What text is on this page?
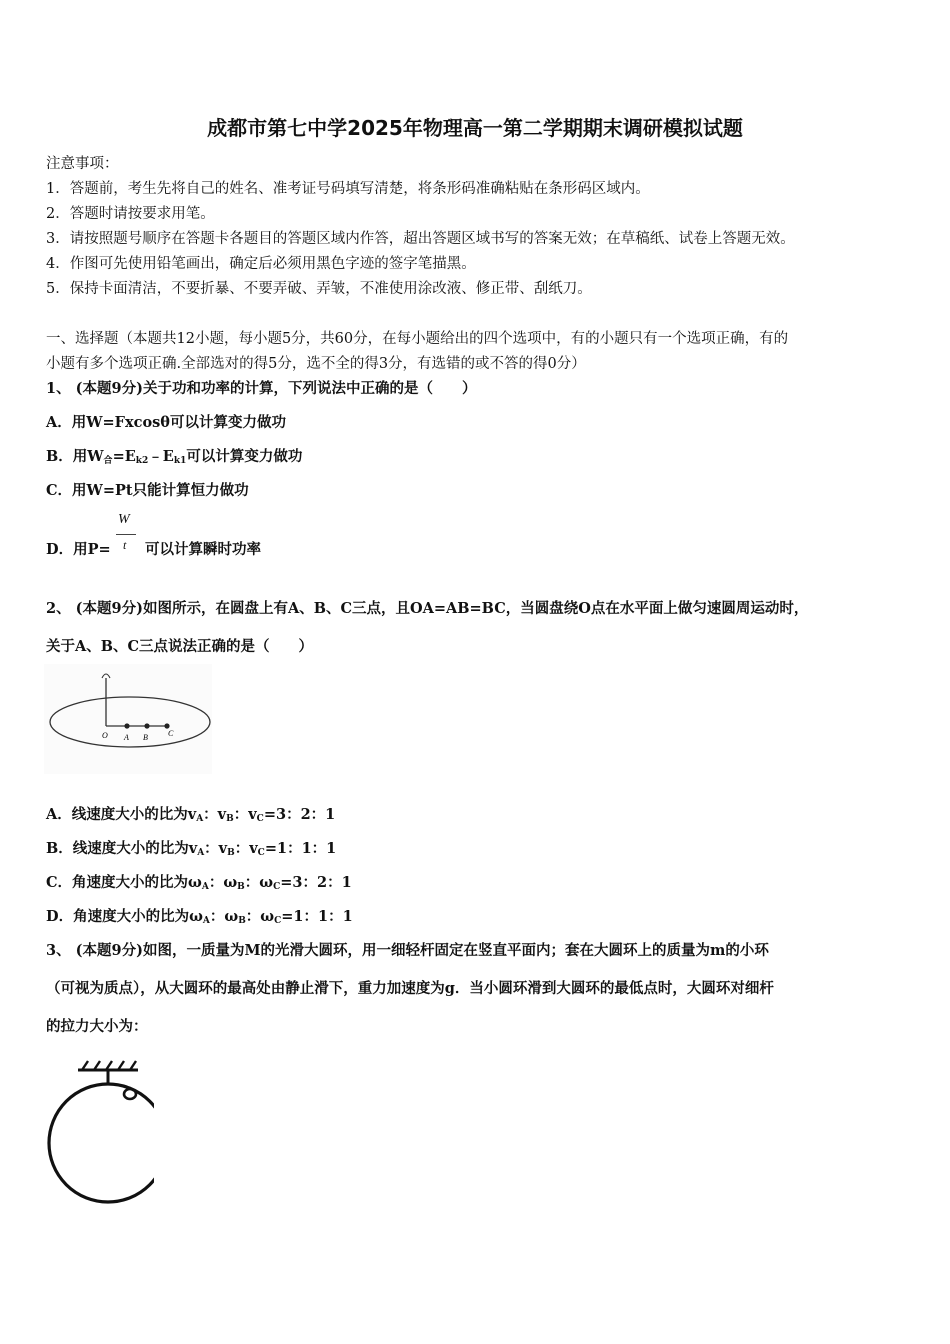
成都市第七中学2025年物理高一第二学期期末调研模拟试题
注意事项：
1．答题前，考生先将自己的姓名、准考证号码填写清楚，将条形码准确粘贴在条形码区域内。
2．答题时请按要求用笔。
3．请按照题号顺序在答题卡各题目的答题区域内作答，超出答题区域书写的答案无效；在草稿纸、试卷上答题无效。
4．作图可先使用铅笔画出，确定后必须用黑色字迹的签字笔描黑。
5．保持卡面清洁，不要折暴、不要弄破、弄皱，不准使用涂改液、修正带、刮纸刀。
一、选择题（本题共12小题，每小题5分，共60分，在每小题给出的四个选项中，有的小题只有一个选项正确，有的
小题有多个选项正确.全部选对的得5分，选不全的得3分，有选错的或不答的得0分）
1、 (本题9分)关于功和功率的计算，下列说法中正确的是（　　）
A．用W=Fxcosθ可以计算变力做功
B．用$W_合=E_{k2}﹣E_{k1}$可以计算变力做功
C．用W=Pt只能计算恒力做功
D．用P=
W
t 可以计算瞬时功率
2、 (本题9分)如图所示，在圆盘上有A、B、C三点，且OA=AB=BC，当圆盘绕O点在水平面上做匀速圆周运动时，
关于A、B、C三点说法正确的是（　　）
O A B	C
A．线速度大小的比为$v_A$：$v_B$：$v_C=3$：2：1
B．线速度大小的比为$v_A$：$v_B$：$v_C=1$：1：1
C．角速度大小的比为$\omega_A$：$\omega_B$：$\omega_C=3$：2：1
D．角速度大小的比为$\omega_A$：$\omega_B$：$\omega_C=1$：1：1
3、 (本题9分)如图，一质量为M的光滑大圆环，用一细轻杆固定在竖直平面内；套在大圆环上的质量为m的小环
（可视为质点），从大圆环的最高处由静止滑下，重力加速度为g．当小圆环滑到大圆环的最低点时，大圆环对细杆
的拉力大小为：
